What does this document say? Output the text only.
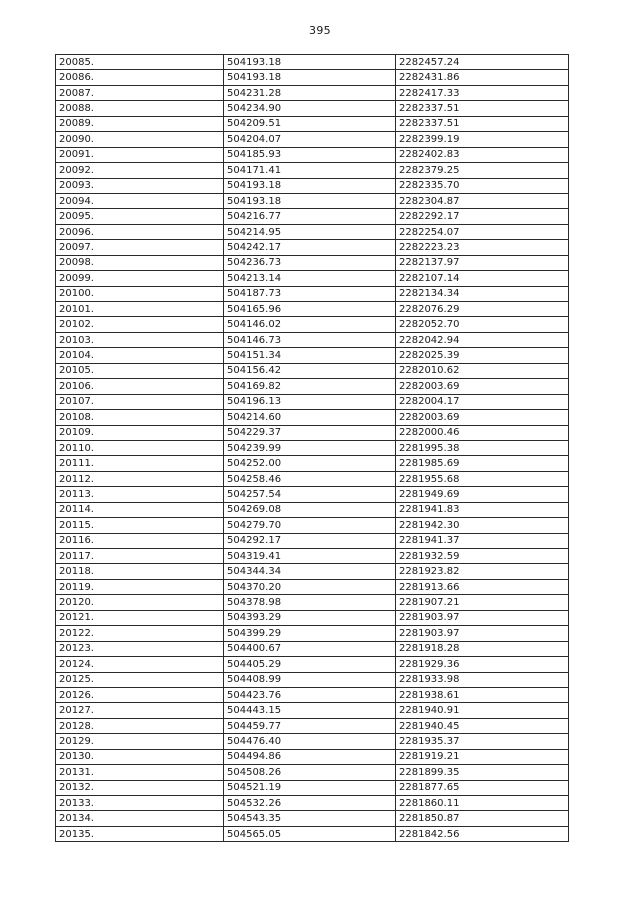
395
20085.	504193.18	2282457.24
20086.	504193.18	2282431.86
20087.	504231.28	2282417.33
20088.	504234.90	2282337.51
20089.	504209.51	2282337.51
20090.	504204.07	2282399.19
20091.	504185.93	2282402.83
20092.	504171.41	2282379.25
20093.	504193.18	2282335.70
20094.	504193.18	2282304.87
20095.	504216.77	2282292.17
20096.	504214.95	2282254.07
20097.	504242.17	2282223.23
20098.	504236.73	2282137.97
20099.	504213.14	2282107.14
20100.	504187.73	2282134.34
20101.	504165.96	2282076.29
20102.	504146.02	2282052.70
20103.	504146.73	2282042.94
20104.	504151.34	2282025.39
20105.	504156.42	2282010.62
20106.	504169.82	2282003.69
20107.	504196.13	2282004.17
20108.	504214.60	2282003.69
20109.	504229.37	2282000.46
20110.	504239.99	2281995.38
20111.	504252.00	2281985.69
20112.	504258.46	2281955.68
20113.	504257.54	2281949.69
20114.	504269.08	2281941.83
20115.	504279.70	2281942.30
20116.	504292.17	2281941.37
20117.	504319.41	2281932.59
20118.	504344.34	2281923.82
20119.	504370.20	2281913.66
20120.	504378.98	2281907.21
20121.	504393.29	2281903.97
20122.	504399.29	2281903.97
20123.	504400.67	2281918.28
20124.	504405.29	2281929.36
20125.	504408.99	2281933.98
20126.	504423.76	2281938.61
20127.	504443.15	2281940.91
20128.	504459.77	2281940.45
20129.	504476.40	2281935.37
20130.	504494.86	2281919.21
20131.	504508.26	2281899.35
20132.	504521.19	2281877.65
20133.	504532.26	2281860.11
20134.	504543.35	2281850.87
20135.	504565.05	2281842.56
